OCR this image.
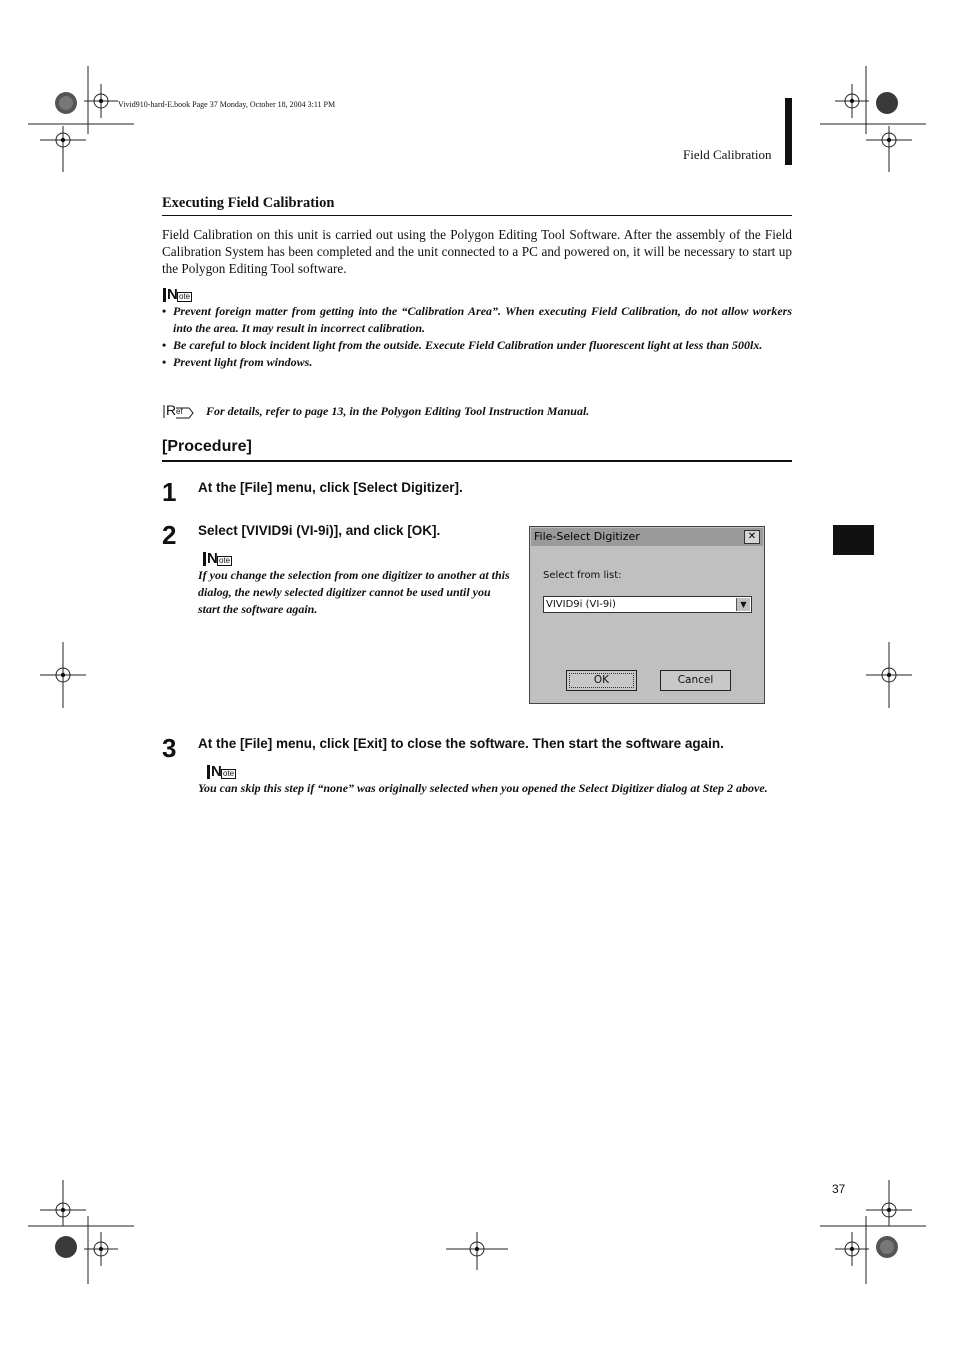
Vivid910-hard-E.book Page 37 Monday, October 18, 2004 3:11 PM
Field Calibration
Executing Field Calibration
Field Calibration on this unit is carried out using the Polygon Editing Tool Software. After the assembly of the Field Calibration System has been completed and the unit connected to a PC and powered on, it will be necessary to start up the Polygon Editing Tool software.
N ote

• Prevent foreign matter from getting into the “Calibration Area”. When executing Field Calibration, do not allow workers into the area. It may result in incorrect calibration.
• Be careful to block incident light from the outside. Execute Field Calibration under fluorescent light at less than 500lx.
• Prevent light from windows.
R ef For details, refer to page 13, in the Polygon Editing Tool Instruction Manual.
[Procedure]
1 At the [File] menu, click [Select Digitizer].
2 Select [VIVID9i (VI-9i)], and click [OK].
N ote

If you change the selection from one digitizer to another at this dialog, the newly selected digitizer cannot be used until you start the software again.
File-Select Digitizer	✕
Select from list:
VIVID9i (VI-9i)	▼
OK	Cancel
3 At the [File] menu, click [Exit] to close the software. Then start the software again.
N ote
You can skip this step if “none” was originally selected when you opened the Select Digitizer dialog at Step 2 above.
37
